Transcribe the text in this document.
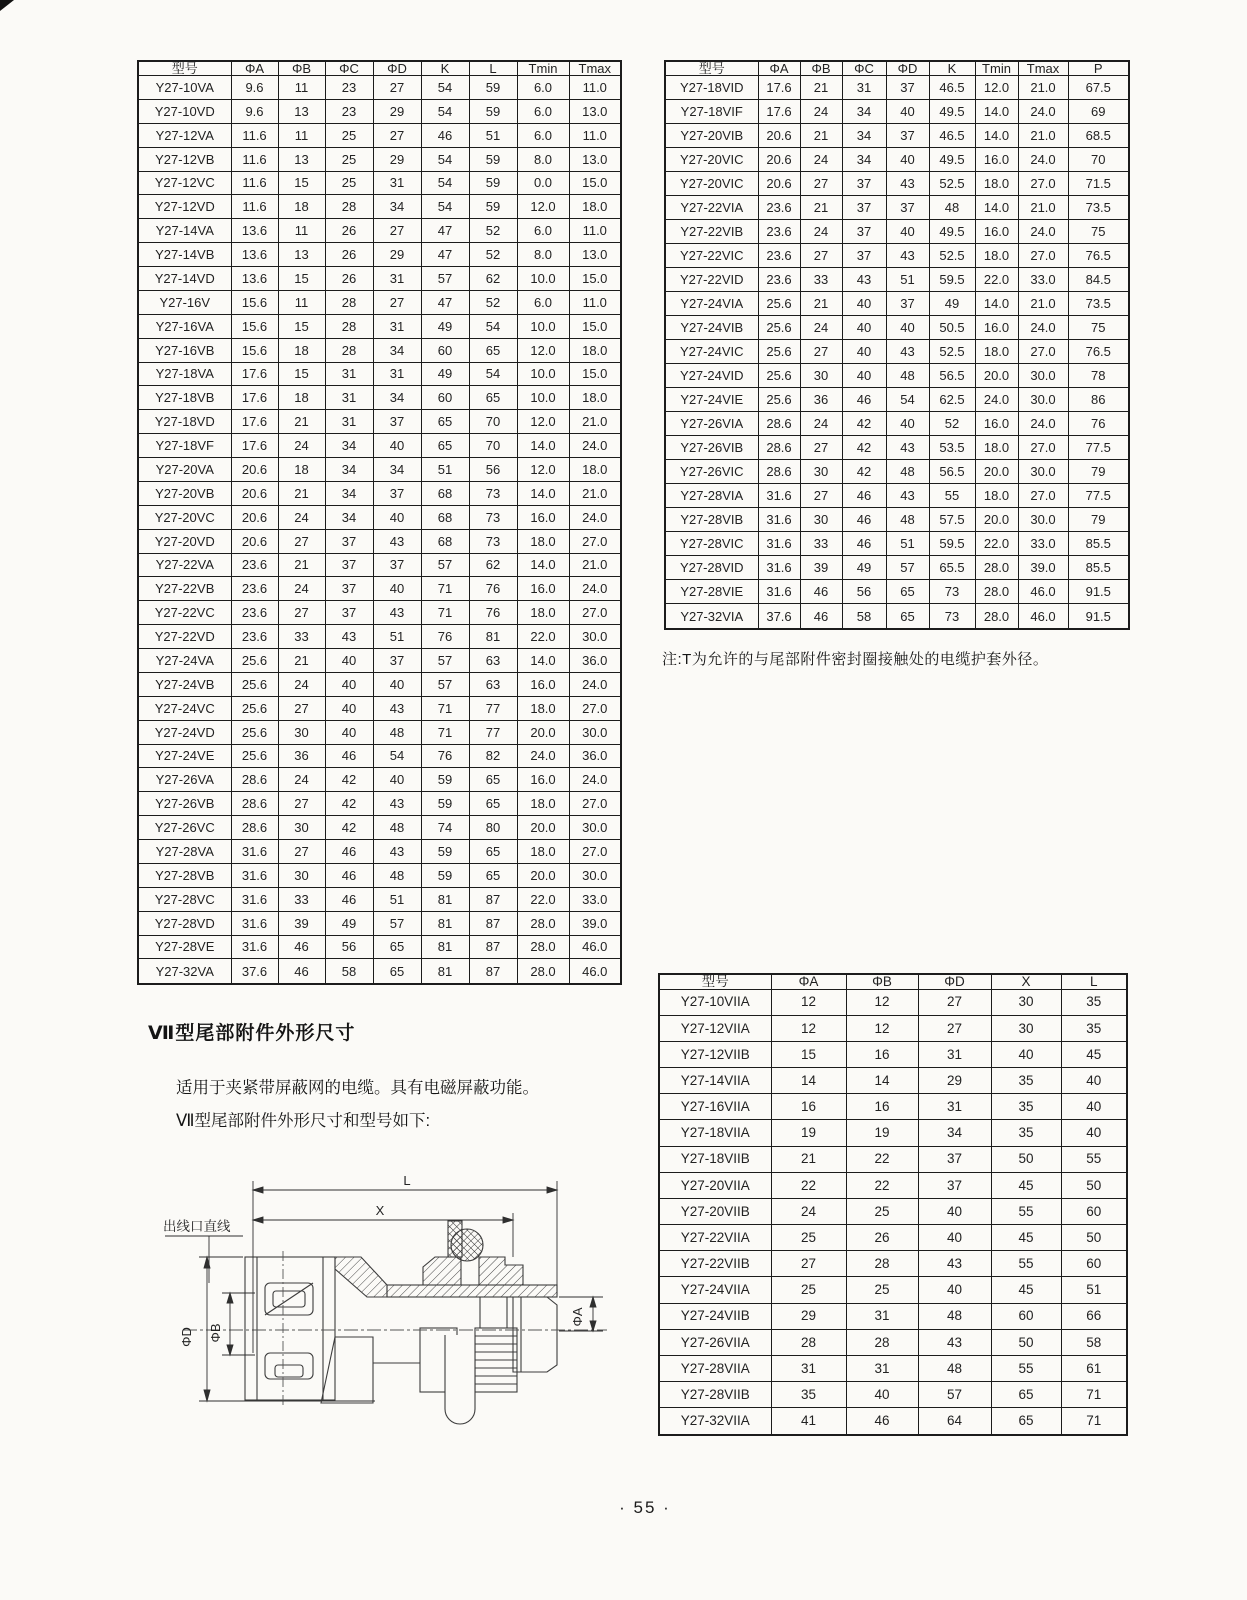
型号	ΦA	ΦB	ΦC	ΦD	K	L	Tmin	Tmax
Y27-10VA	9.6	11	23	27	54	59	6.0	11.0
Y27-10VD	9.6	13	23	29	54	59	6.0	13.0
Y27-12VA	11.6	11	25	27	46	51	6.0	11.0
Y27-12VB	11.6	13	25	29	54	59	8.0	13.0
Y27-12VC	11.6	15	25	31	54	59	0.0	15.0
Y27-12VD	11.6	18	28	34	54	59	12.0	18.0
Y27-14VA	13.6	11	26	27	47	52	6.0	11.0
Y27-14VB	13.6	13	26	29	47	52	8.0	13.0
Y27-14VD	13.6	15	26	31	57	62	10.0	15.0
Y27-16V	15.6	11	28	27	47	52	6.0	11.0
Y27-16VA	15.6	15	28	31	49	54	10.0	15.0
Y27-16VB	15.6	18	28	34	60	65	12.0	18.0
Y27-18VA	17.6	15	31	31	49	54	10.0	15.0
Y27-18VB	17.6	18	31	34	60	65	10.0	18.0
Y27-18VD	17.6	21	31	37	65	70	12.0	21.0
Y27-18VF	17.6	24	34	40	65	70	14.0	24.0
Y27-20VA	20.6	18	34	34	51	56	12.0	18.0
Y27-20VB	20.6	21	34	37	68	73	14.0	21.0
Y27-20VC	20.6	24	34	40	68	73	16.0	24.0
Y27-20VD	20.6	27	37	43	68	73	18.0	27.0
Y27-22VA	23.6	21	37	37	57	62	14.0	21.0
Y27-22VB	23.6	24	37	40	71	76	16.0	24.0
Y27-22VC	23.6	27	37	43	71	76	18.0	27.0
Y27-22VD	23.6	33	43	51	76	81	22.0	30.0
Y27-24VA	25.6	21	40	37	57	63	14.0	36.0
Y27-24VB	25.6	24	40	40	57	63	16.0	24.0
Y27-24VC	25.6	27	40	43	71	77	18.0	27.0
Y27-24VD	25.6	30	40	48	71	77	20.0	30.0
Y27-24VE	25.6	36	46	54	76	82	24.0	36.0
Y27-26VA	28.6	24	42	40	59	65	16.0	24.0
Y27-26VB	28.6	27	42	43	59	65	18.0	27.0
Y27-26VC	28.6	30	42	48	74	80	20.0	30.0
Y27-28VA	31.6	27	46	43	59	65	18.0	27.0
Y27-28VB	31.6	30	46	48	59	65	20.0	30.0
Y27-28VC	31.6	33	46	51	81	87	22.0	33.0
Y27-28VD	31.6	39	49	57	81	87	28.0	39.0
Y27-28VE	31.6	46	56	65	81	87	28.0	46.0
Y27-32VA	37.6	46	58	65	81	87	28.0	46.0
型号	ΦA	ΦB	ΦC	ΦD	K	Tmin	Tmax	P
Y27-18VID	17.6	21	31	37	46.5	12.0	21.0	67.5
Y27-18VIF	17.6	24	34	40	49.5	14.0	24.0	69
Y27-20VIB	20.6	21	34	37	46.5	14.0	21.0	68.5
Y27-20VIC	20.6	24	34	40	49.5	16.0	24.0	70
Y27-20VIC	20.6	27	37	43	52.5	18.0	27.0	71.5
Y27-22VIA	23.6	21	37	37	48	14.0	21.0	73.5
Y27-22VIB	23.6	24	37	40	49.5	16.0	24.0	75
Y27-22VIC	23.6	27	37	43	52.5	18.0	27.0	76.5
Y27-22VID	23.6	33	43	51	59.5	22.0	33.0	84.5
Y27-24VIA	25.6	21	40	37	49	14.0	21.0	73.5
Y27-24VIB	25.6	24	40	40	50.5	16.0	24.0	75
Y27-24VIC	25.6	27	40	43	52.5	18.0	27.0	76.5
Y27-24VID	25.6	30	40	48	56.5	20.0	30.0	78
Y27-24VIE	25.6	36	46	54	62.5	24.0	30.0	86
Y27-26VIA	28.6	24	42	40	52	16.0	24.0	76
Y27-26VIB	28.6	27	42	43	53.5	18.0	27.0	77.5
Y27-26VIC	28.6	30	42	48	56.5	20.0	30.0	79
Y27-28VIA	31.6	27	46	43	55	18.0	27.0	77.5
Y27-28VIB	31.6	30	46	48	57.5	20.0	30.0	79
Y27-28VIC	31.6	33	46	51	59.5	22.0	33.0	85.5
Y27-28VID	31.6	39	49	57	65.5	28.0	39.0	85.5
Y27-28VIE	31.6	46	56	65	73	28.0	46.0	91.5
Y27-32VIA	37.6	46	58	65	73	28.0	46.0	91.5
注:T为允许的与尾部附件密封圈接触处的电缆护套外径。
Ⅶ型尾部附件外形尺寸
适用于夹紧带屏蔽网的电缆。具有电磁屏蔽功能。
Ⅶ型尾部附件外形尺寸和型号如下:
L
X
出线口直线
ΦD ΦB
ΦA
型号	ΦA	ΦB	ΦD	X	L
Y27-10VIIA	12	12	27	30	35
Y27-12VIIA	12	12	27	30	35
Y27-12VIIB	15	16	31	40	45
Y27-14VIIA	14	14	29	35	40
Y27-16VIIA	16	16	31	35	40
Y27-18VIIA	19	19	34	35	40
Y27-18VIIB	21	22	37	50	55
Y27-20VIIA	22	22	37	45	50
Y27-20VIIB	24	25	40	55	60
Y27-22VIIA	25	26	40	45	50
Y27-22VIIB	27	28	43	55	60
Y27-24VIIA	25	25	40	45	51
Y27-24VIIB	29	31	48	60	66
Y27-26VIIA	28	28	43	50	58
Y27-28VIIA	31	31	48	55	61
Y27-28VIIB	35	40	57	65	71
Y27-32VIIA	41	46	64	65	71
· 55 ·
